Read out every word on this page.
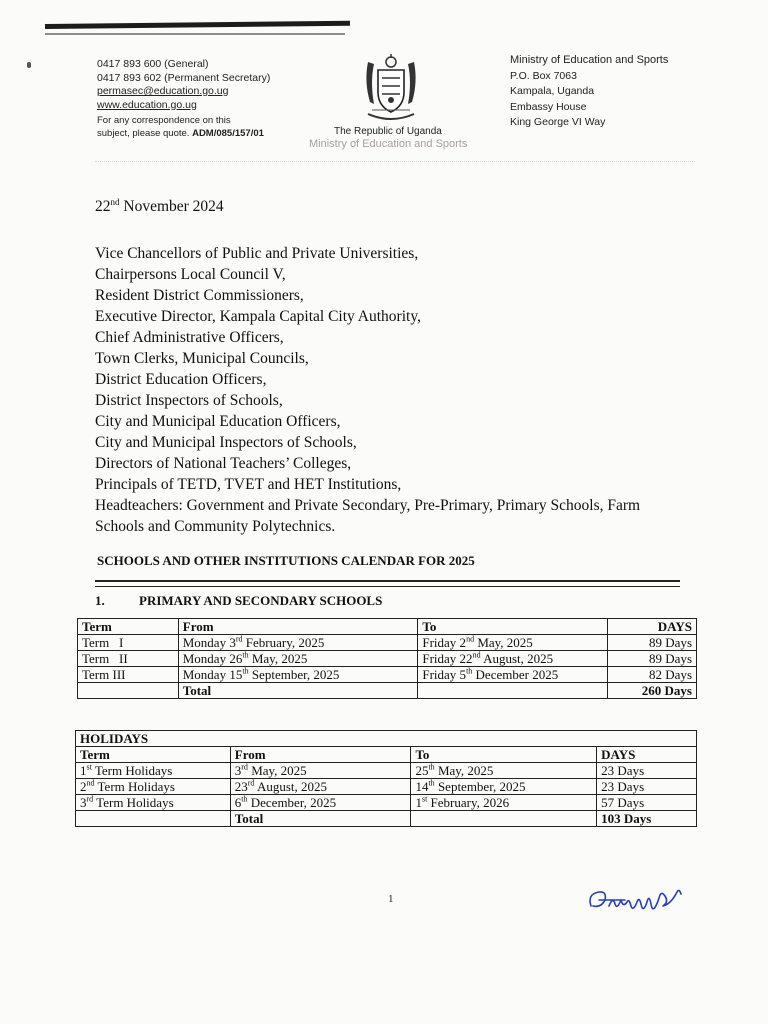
0417 893 600 (General)
0417 893 602 (Permanent Secretary)
permasec@education.go.ug
www.education.go.ug
For any correspondence on this
subject, please quote. ADM/085/157/01	The Republic of Uganda
Ministry of Education and Sports
Ministry of Education and Sports
P.O. Box 7063
Kampala, Uganda
Embassy House
King George VI Way
22nd November 2024
Vice Chancellors of Public and Private Universities,
Chairpersons Local Council V,
Resident District Commissioners,
Executive Director, Kampala Capital City Authority,
Chief Administrative Officers,
Town Clerks, Municipal Councils,
District Education Officers,
District Inspectors of Schools,
City and Municipal Education Officers,
City and Municipal Inspectors of Schools,
Directors of National Teachers’ Colleges,
Principals of TETD, TVET and HET Institutions,
Headteachers: Government and Private Secondary, Pre-Primary, Primary Schools, Farm
Schools and Community Polytechnics.
SCHOOLS AND OTHER INSTITUTIONS CALENDAR FOR 2025
1.	PRIMARY AND SECONDARY SCHOOLS
Term	From	To	DAYS
Term   I	Monday 3rd February, 2025	Friday 2nd May, 2025	89 Days
Term   II	Monday 26th May, 2025	Friday 22nd August, 2025	89 Days
Term III	Monday 15th September, 2025	Friday 5th December 2025	82 Days
	Total		260 Days
HOLIDAYS			
Term	From	To	DAYS
1st Term Holidays	3rd May, 2025	25th May, 2025	23 Days
2nd Term Holidays	23rd August, 2025	14th September, 2025	23 Days
3rd Term Holidays	6th December, 2025	1st February, 2026	57 Days
	Total		103 Days
1
